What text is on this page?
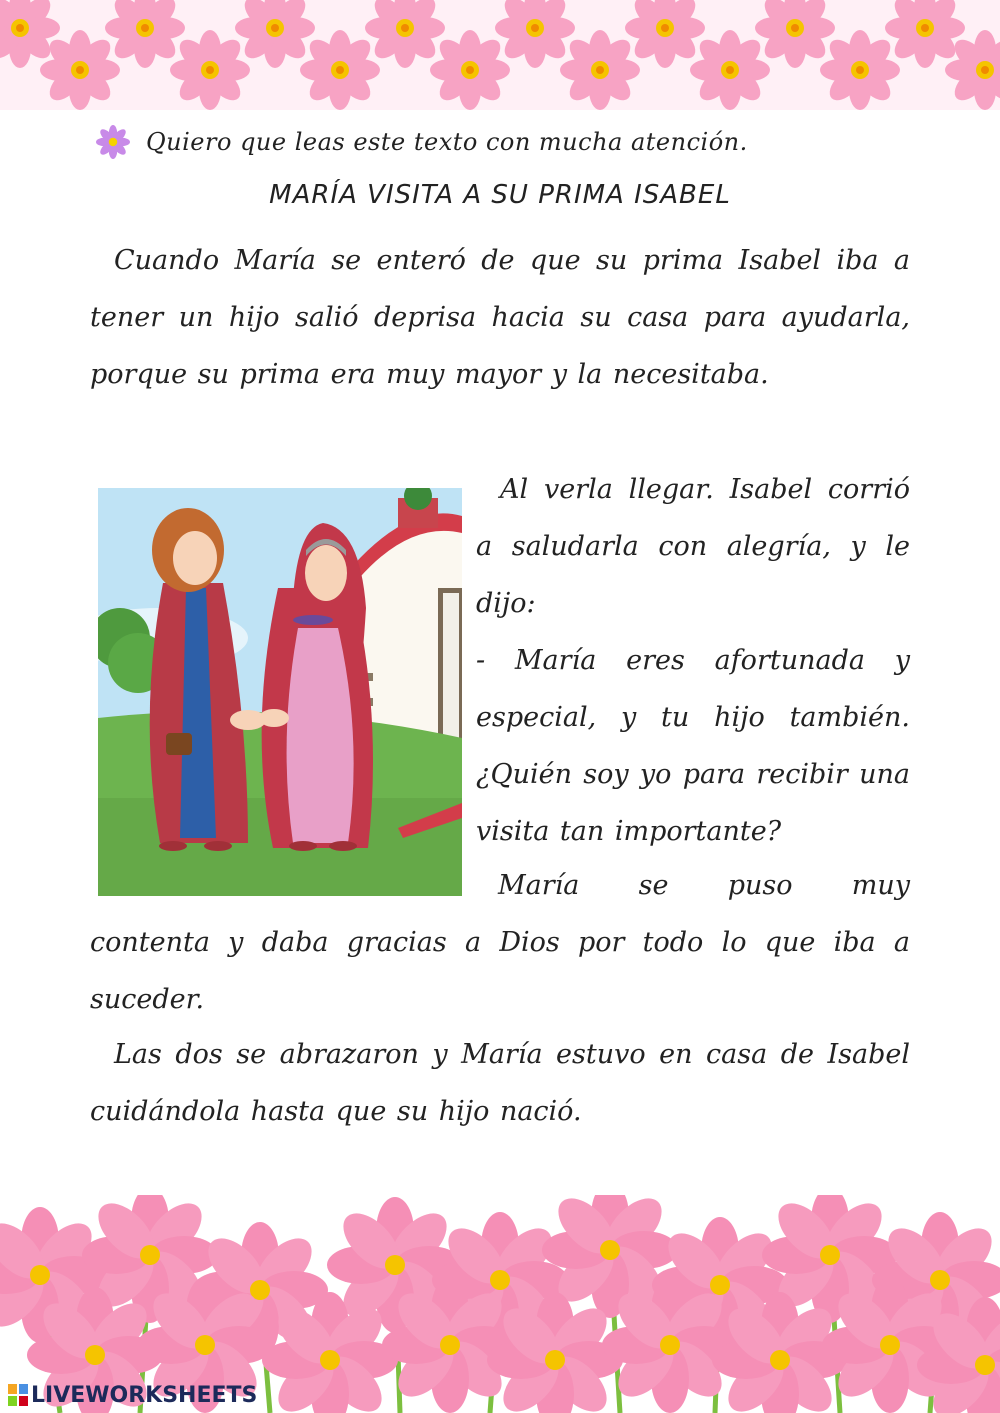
Quiero que leas este texto con mucha atención.
MARÍA VISITA A SU PRIMA ISABEL
Cuando María se enteró de que su prima Isabel iba a tener un hijo salió deprisa hacia su casa para ayudarla, porque su prima era muy mayor y la necesitaba.
Al verla llegar. Isabel corrió a saludarla con alegría, y le dijo:
- María eres afortunada y especial, y tu hijo también. ¿Quién soy yo para recibir una visita tan importante?
María se puso muy
contenta y daba gracias a Dios por todo lo que iba a suceder.
Las dos se abrazaron y María estuvo en casa de Isabel cuidándola hasta que su hijo nació.
LIVEWORKSHEETS
